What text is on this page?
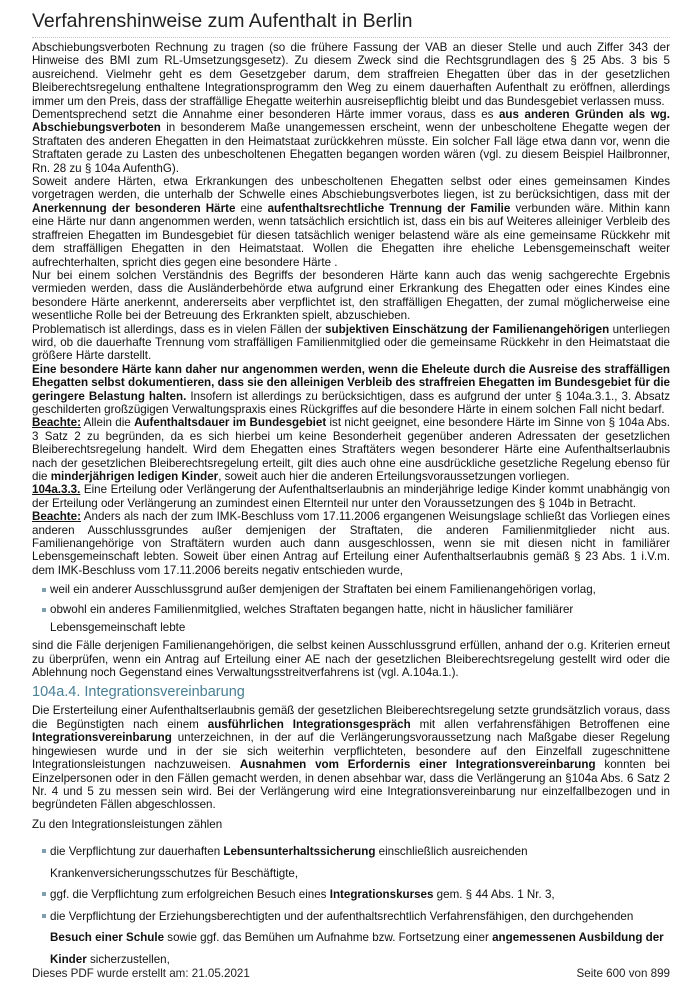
Verfahrenshinweise zum Aufenthalt in Berlin

Abschiebungsverboten Rechnung zu tragen (so die frühere Fassung der VAB an dieser Stelle und auch Ziffer 343 der Hinweise des BMI zum RL-Umsetzungsgesetz). Zu diesem Zweck sind die Rechtsgrundlagen des § 25 Abs. 3 bis 5 ausreichend. Vielmehr geht es dem Gesetzgeber darum, dem straffreien Ehegatten über das in der gesetzlichen Bleiberechtsregelung enthaltene Integrationsprogramm den Weg zu einem dauerhaften Aufenthalt zu eröffnen, allerdings immer um den Preis, dass der straffällige Ehegatte weiterhin ausreisepflichtig bleibt und das Bundesgebiet verlassen muss.

Dementsprechend setzt die Annahme einer besonderen Härte immer voraus, dass es aus anderen Gründen als wg. Abschiebungsverboten in besonderem Maße unangemessen erscheint, wenn der unbescholtene Ehegatte wegen der Straftaten des anderen Ehegatten in den Heimatstaat zurückkehren müsste. Ein solcher Fall läge etwa dann vor, wenn die Straftaten gerade zu Lasten des unbescholtenen Ehegatten begangen worden wären (vgl. zu diesem Beispiel Hailbronner, Rn. 28 zu § 104a AufenthG).

Soweit andere Härten, etwa Erkrankungen des unbescholtenen Ehegatten selbst oder eines gemeinsamen Kindes vorgetragen werden, die unterhalb der Schwelle eines Abschiebungsverbotes liegen, ist zu berücksichtigen, dass mit der Anerkennung der besonderen Härte eine aufenthaltsrechtliche Trennung der Familie verbunden wäre. Mithin kann eine Härte nur dann angenommen werden, wenn tatsächlich ersichtlich ist, dass ein bis auf Weiteres alleiniger Verbleib des straffreien Ehegatten im Bundesgebiet für diesen tatsächlich weniger belastend wäre als eine gemeinsame Rückkehr mit dem straffälligen Ehegatten in den Heimatstaat. Wollen die Ehegatten ihre eheliche Lebensgemeinschaft weiter aufrechterhalten, spricht dies gegen eine besondere Härte .

Nur bei einem solchen Verständnis des Begriffs der besonderen Härte kann auch das wenig sachgerechte Ergebnis vermieden werden, dass die Ausländerbehörde etwa aufgrund einer Erkrankung des Ehegatten oder eines Kindes eine besondere Härte anerkennt, andererseits aber verpflichtet ist, den straffälligen Ehegatten, der zumal möglicherweise eine wesentliche Rolle bei der Betreuung des Erkrankten spielt, abzuschieben.

Problematisch ist allerdings, dass es in vielen Fällen der subjektiven Einschätzung der Familienangehörigen unterliegen wird, ob die dauerhafte Trennung vom straffälligen Familienmitglied oder die gemeinsame Rückkehr in den Heimatstaat die größere Härte darstellt.

Eine besondere Härte kann daher nur angenommen werden, wenn die Eheleute durch die Ausreise des straffälligen Ehegatten selbst dokumentieren, dass sie den alleinigen Verbleib des straffreien Ehegatten im Bundesgebiet für die geringere Belastung halten. Insofern ist allerdings zu berücksichtigen, dass es aufgrund der unter § 104a.3.1., 3. Absatz geschilderten großzügigen Verwaltungspraxis eines Rückgriffes auf die besondere Härte in einem solchen Fall nicht bedarf.

Beachte: Allein die Aufenthaltsdauer im Bundesgebiet ist nicht geeignet, eine besondere Härte im Sinne von § 104a Abs. 3 Satz 2 zu begründen, da es sich hierbei um keine Besonderheit gegenüber anderen Adressaten der gesetzlichen Bleiberechtsregelung handelt. Wird dem Ehegatten eines Straftäters wegen besonderer Härte eine Aufenthaltserlaubnis nach der gesetzlichen Bleiberechtsregelung erteilt, gilt dies auch ohne eine ausdrückliche gesetzliche Regelung ebenso für die minderjährigen ledigen Kinder, soweit auch hier die anderen Erteilungsvoraussetzungen vorliegen.

104a.3.3. Eine Erteilung oder Verlängerung der Aufenthaltserlaubnis an minderjährige ledige Kinder kommt unabhängig von der Erteilung oder Verlängerung an zumindest einen Elternteil nur unter den Voraussetzungen des § 104b in Betracht.

Beachte: Anders als nach der zum IMK-Beschluss vom 17.11.2006 ergangenen Weisungslage schließt das Vorliegen eines anderen Ausschlussgrundes außer demjenigen der Straftaten, die anderen Familienmitglieder nicht aus. Familienangehörige von Straftätern wurden auch dann ausgeschlossen, wenn sie mit diesen nicht in familiärer Lebensgemeinschaft lebten. Soweit über einen Antrag auf Erteilung einer Aufenthaltserlaubnis gemäß § 23 Abs. 1 i.V.m. dem IMK-Beschluss vom 17.11.2006 bereits negativ entschieden wurde,

weil ein anderer Ausschlussgrund außer demjenigen der Straftaten bei einem Familienangehörigen vorlag,
obwohl ein anderes Familienmitglied, welches Straftaten begangen hatte, nicht in häuslicher familiärer
Lebensgemeinschaft lebte

sind die Fälle derjenigen Familienangehörigen, die selbst keinen Ausschlussgrund erfüllen, anhand der o.g. Kriterien erneut zu überprüfen, wenn ein Antrag auf Erteilung einer AE nach der gesetzlichen Bleiberechtsregelung gestellt wird oder die Ablehnung noch Gegenstand eines Verwaltungsstreitverfahrens ist (vgl. A.104a.1.).

104a.4. Integrationsvereinbarung

Die Ersterteilung einer Aufenthaltserlaubnis gemäß der gesetzlichen Bleiberechtsregelung setzte grundsätzlich voraus, dass die Begünstigten nach einem ausführlichen Integrationsgespräch mit allen verfahrensfähigen Betroffenen eine Integrationsvereinbarung unterzeichnen, in der auf die Verlängerungsvoraussetzung nach Maßgabe dieser Regelung hingewiesen wurde und in der sie sich weiterhin verpflichteten, besondere auf den Einzelfall zugeschnittene Integrationsleistungen nachzuweisen. Ausnahmen vom Erfordernis einer Integrationsvereinbarung konnten bei Einzelpersonen oder in den Fällen gemacht werden, in denen absehbar war, dass die Verlängerung an §104a Abs. 6 Satz 2 Nr. 4 und 5 zu messen sein wird. Bei der Verlängerung wird eine Integrationsvereinbarung nur einzelfallbezogen und in begründeten Fällen abgeschlossen.

Zu den Integrationsleistungen zählen

die Verpflichtung zur dauerhaften Lebensunterhaltssicherung einschließlich ausreichenden
Krankenversicherungsschutzes für Beschäftigte,
ggf. die Verpflichtung zum erfolgreichen Besuch eines Integrationskurses gem. § 44 Abs. 1 Nr. 3,
die Verpflichtung der Erziehungsberechtigten und der aufenthaltsrechtlich Verfahrensfähigen, den durchgehenden
Besuch einer Schule sowie ggf. das Bemühen um Aufnahme bzw. Fortsetzung einer angemessenen Ausbildung der
Kinder sicherzustellen,
Dieses PDF wurde erstellt am: 21.05.2021	Seite 600 von 899
